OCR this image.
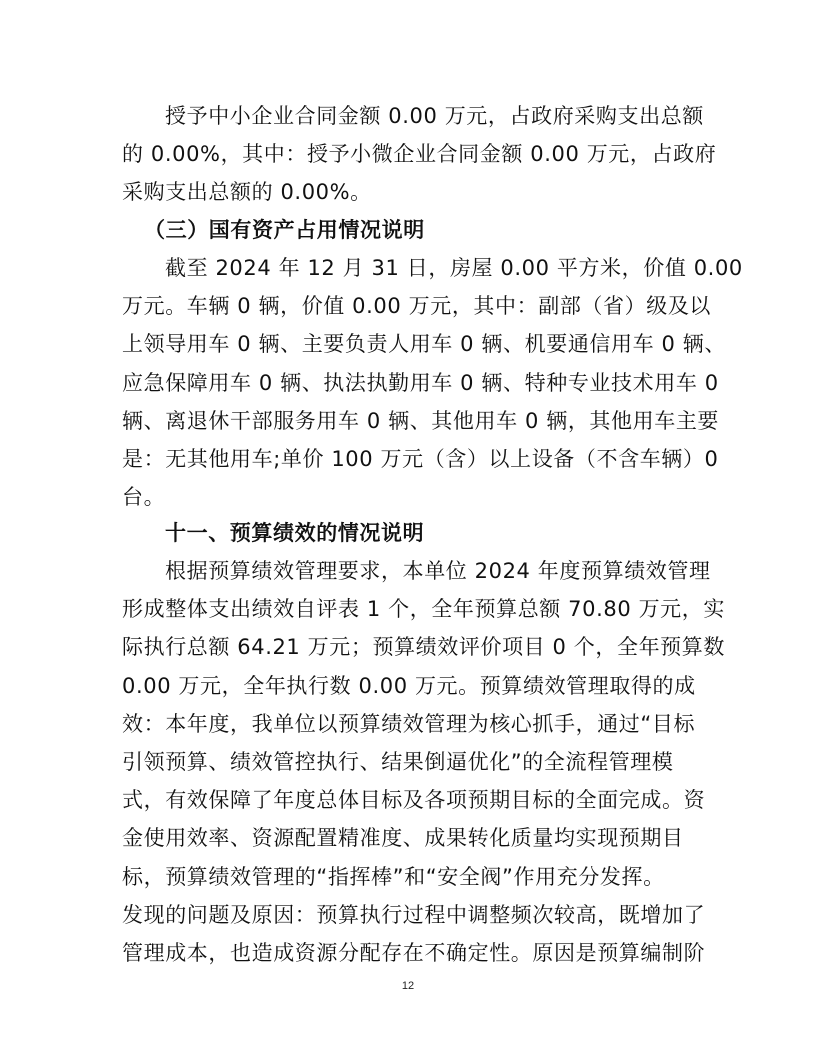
授予中小企业合同金额 0.00 万元，占政府采购支出总额
的 0.00%，其中：授予小微企业合同金额 0.00 万元，占政府
采购支出总额的 0.00%。
（三）国有资产占用情况说明
截至 2024 年 12 月 31 日，房屋 0.00 平方米，价值 0.00
万元。车辆 0 辆，价值 0.00 万元，其中：副部（省）级及以
上领导用车 0 辆、主要负责人用车 0 辆、机要通信用车 0 辆、
应急保障用车 0 辆、执法执勤用车 0 辆、特种专业技术用车 0
辆、离退休干部服务用车 0 辆、其他用车 0 辆，其他用车主要
是：无其他用车;单价 100 万元（含）以上设备（不含车辆）0
台。
十一、预算绩效的情况说明
根据预算绩效管理要求，本单位 2024 年度预算绩效管理
形成整体支出绩效自评表 1 个，全年预算总额 70.80 万元，实
际执行总额 64.21 万元；预算绩效评价项目 0 个，全年预算数
0.00 万元，全年执行数 0.00 万元。预算绩效管理取得的成
效：本年度，我单位以预算绩效管理为核心抓手，通过“目标
引领预算、绩效管控执行、结果倒逼优化”的全流程管理模
式，有效保障了年度总体目标及各项预期目标的全面完成。资
金使用效率、资源配置精准度、成果转化质量均实现预期目
标，预算绩效管理的“指挥棒”和“安全阀”作用充分发挥。
发现的问题及原因：预算执行过程中调整频次较高，既增加了
管理成本，也造成资源分配存在不确定性。原因是预算编制阶
12
